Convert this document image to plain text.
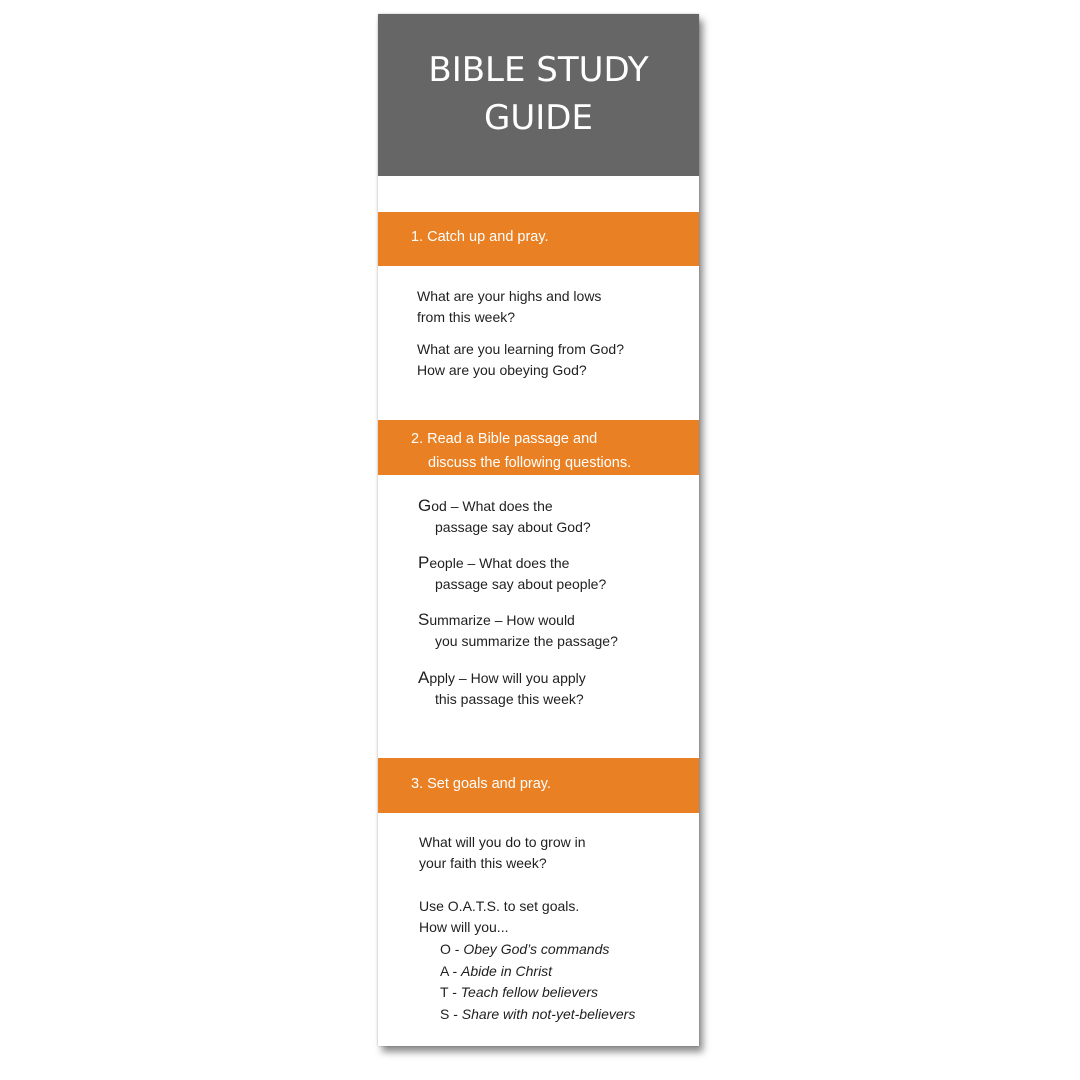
BIBLE STUDY
GUIDE
1. Catch up and pray.
What are your highs and lows
from this week?
What are you learning from God?
How are you obeying God?
2. Read a Bible passage and
discuss the following questions.
God – What does the
passage say about God?
People – What does the
passage say about people?
Summarize – How would
you summarize the passage?
Apply – How will you apply
this passage this week?
3. Set goals and pray.
What will you do to grow in
your faith this week?
Use O.A.T.S. to set goals.
How will you...
O - Obey God’s commands
A - Abide in Christ
T - Teach fellow believers
S - Share with not-yet-believers
